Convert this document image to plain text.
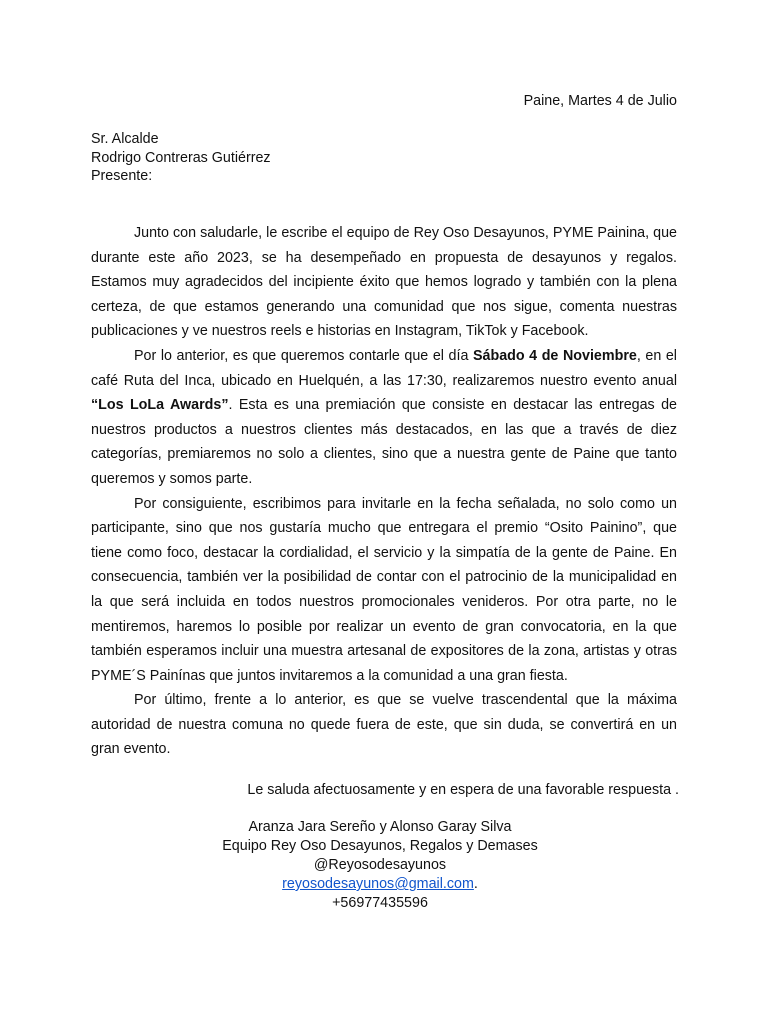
Paine, Martes 4 de Julio
Sr. Alcalde
Rodrigo Contreras Gutiérrez
Presente:

Junto con saludarle, le escribe el equipo de Rey Oso Desayunos, PYME Painina, que durante este año 2023, se ha desempeñado en propuesta de desayunos y regalos. Estamos muy agradecidos del incipiente éxito que hemos logrado y también con la plena certeza, de que estamos generando una comunidad que nos sigue, comenta nuestras publicaciones y ve nuestros reels e historias en Instagram, TikTok y Facebook.

Por lo anterior, es que queremos contarle que el día Sábado 4 de Noviembre, en el café Ruta del Inca, ubicado en Huelquén, a las 17:30, realizaremos nuestro evento anual “Los LoLa Awards”. Esta es una premiación que consiste en destacar las entregas de nuestros productos a nuestros clientes más destacados, en las que a través de diez categorías, premiaremos no solo a clientes, sino que a nuestra gente de Paine que tanto queremos y somos parte.

Por consiguiente, escribimos para invitarle en la fecha señalada, no solo como un participante, sino que nos gustaría mucho que entregara el premio “Osito Painino”, que tiene como foco, destacar la cordialidad, el servicio y la simpatía de la gente de Paine. En consecuencia, también ver la posibilidad de contar con el patrocinio de la municipalidad en la que será incluida en todos nuestros promocionales venideros. Por otra parte, no le mentiremos, haremos lo posible por realizar un evento de gran convocatoria, en la que también esperamos incluir una muestra artesanal de expositores de la zona, artistas y otras PYME´S Painínas que juntos invitaremos a la comunidad a una gran fiesta.

Por último, frente a lo anterior, es que se vuelve trascendental que la máxima autoridad de nuestra comuna no quede fuera de este, que sin duda, se convertirá en un gran evento.

Le saluda afectuosamente y en espera de una favorable respuesta .
Aranza Jara Sereño y Alonso Garay Silva
Equipo Rey Oso Desayunos, Regalos y Demases
@Reyosodesayunos
reyosodesayunos@gmail.com.
+56977435596
